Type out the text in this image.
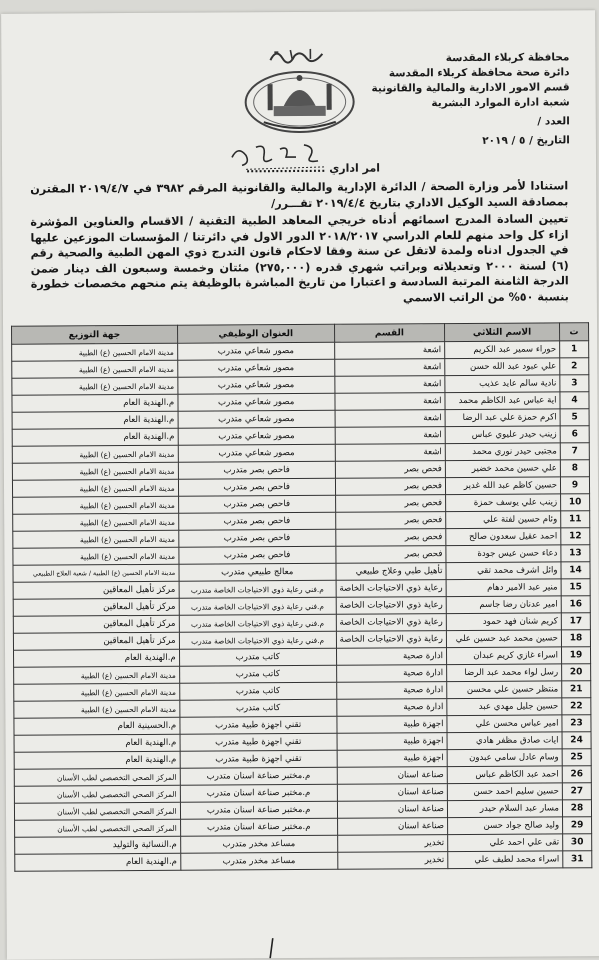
محافظة كربلاء المقدسة
دائرة صحة محافظة كربلاء المقدسة
قسم الامور الادارية والمالية والقانونية
شعبة ادارة الموارد البشرية
العدد /
التاريخ / ٥ / ٢٠١٩
امر اداري ...................

استنادا لأمر وزارة الصحة / الدائرة الإدارية والمالية والقانونية المرقم ٣٩٨٢ في ٢٠١٩/٤/٧ المقترن بمصادقة السيد الوكيل الاداري بتاريخ ٢٠١٩/٤/٤ تقـــرر/

تعيين السادة المدرج اسمائهم أدناه خريجي المعاهد الطبية التقنية / الاقسام والعناوين المؤشرة ازاء كل واحد منهم للعام الدراسي ٢٠١٨/٢٠١٧ الدور الاول في دائرتنا / المؤسسات الموزعين عليها في الجدول ادناه ولمدة لاتقل عن سنة وفقا لاحكام قانون التدرج ذوي المهن الطبية والصحية رقم (٦) لسنة ٢٠٠٠ وتعديلاته وبراتب شهري قدره (٢٧٥,٠٠٠) مئتان وخمسة وسبعون الف دينار ضمن الدرجة الثامنة المرتبة السادسة و اعتبارا من تاريخ المباشرة بالوظيفة يتم منحهم مخصصات خطورة بنسبة ٥٠% من الراتب الاسمي

ت	الاسم الثلاثي	القسم	العنوان الوظيفي	جهة التوزيع
1	حوراء سمير عبد الكريم	اشعة	مصور شعاعي متدرب	مدينة الامام الحسين (ع) الطبية
2	علي عبود عبد الله حسن	اشعة	مصور شعاعي متدرب	مدينة الامام الحسين (ع) الطبية
3	نادية سالم عايد عذيب	اشعة	مصور شعاعي متدرب	مدينة الامام الحسين (ع) الطبية
4	اية عباس عبد الكاظم محمد	اشعة	مصور شعاعي متدرب	م.الهندية العام
5	اكرم حمزة علي عبد الرضا	اشعة	مصور شعاعي متدرب	م.الهندية العام
6	زينب حيدر عليوي عباس	اشعة	مصور شعاعي متدرب	م.الهندية العام
7	مجتبى حيدر نوري محمد	اشعة	مصور شعاعي متدرب	مدينة الامام الحسين (ع) الطبية
8	علي حسين محمد خضير	فحص بصر	فاحص بصر متدرب	مدينة الامام الحسين (ع) الطبية
9	حسين كاظم عبد الله غدير	فحص بصر	فاحص بصر متدرب	مدينة الامام الحسين (ع) الطبية
10	زينب علي يوسف حمزة	فحص بصر	فاحص بصر متدرب	مدينة الامام الحسين (ع) الطبية
11	وئام حسين لفتة علي	فحص بصر	فاحص بصر متدرب	مدينة الامام الحسين (ع) الطبية
12	احمد عقيل سعدون صالح	فحص بصر	فاحص بصر متدرب	مدينة الامام الحسين (ع) الطبية
13	دعاء حسن عيس جودة	فحص بصر	فاحص بصر متدرب	مدينة الامام الحسين (ع) الطبية
14	وائل اشرف محمد تقي	تأهيل طبي وعلاج طبيعي	معالج طبيعي متدرب	مدينة الامام الحسين (ع) الطبية / شعبة العلاج الطبيعي
15	منير عبد الامير دهام	رعاية ذوي الاحتياجات الخاصة	م.فني رعاية ذوي الاحتياجات الخاصة متدرب	مركز تأهيل المعاقين
16	امير عدنان رضا جاسم	رعاية ذوي الاحتياجات الخاصة	م.فني رعاية ذوي الاحتياجات الخاصة متدرب	مركز تأهيل المعاقين
17	كريم شنان فهد حمود	رعاية ذوي الاحتياجات الخاصة	م.فني رعاية ذوي الاحتياجات الخاصة متدرب	مركز تأهيل المعاقين
18	حسين محمد عبد حسين علي	رعاية ذوي الاحتياجات الخاصة	م.فني رعاية ذوي الاحتياجات الخاصة متدرب	مركز تأهيل المعاقين
19	اسراء غازي كريم عبدان	ادارة صحية	كاتب متدرب	م.الهندية العام
20	رسل لواء محمد عبد الرضا	ادارة صحية	كاتب متدرب	مدينة الامام الحسين (ع) الطبية
21	منتظر حسين علي محسن	ادارة صحية	كاتب متدرب	مدينة الامام الحسين (ع) الطبية
22	حسين جليل مهدي عبد	ادارة صحية	كاتب متدرب	مدينة الامام الحسين (ع) الطبية
23	امير عباس محسن علي	اجهزة طبية	تقني اجهزة طبية متدرب	م.الحسينية العام
24	ايات صادق مظفر هادي	اجهزة طبية	تقني اجهزة طبية متدرب	م.الهندية العام
25	وسام عادل سامي عبدون	اجهزة طبية	تقني اجهزة طبية متدرب	م.الهندية العام
26	احمد عبد الكاظم عباس	صناعة اسنان	م.مختبر صناعة اسنان متدرب	المركز الصحي التخصصي لطب الأسنان
27	حسين سليم احمد حسن	صناعة اسنان	م.مختبر صناعة اسنان متدرب	المركز الصحي التخصصي لطب الأسنان
28	مسار عبد السلام حيدر	صناعة اسنان	م.مختبر صناعة اسنان متدرب	المركز الصحي التخصصي لطب الأسنان
29	وليد صالح جواد حسن	صناعة اسنان	م.مختبر صناعة اسنان متدرب	المركز الصحي التخصصي لطب الأسنان
30	تقى علي احمد علي	تخدير	مساعد مخدر متدرب	م.النسائية والتوليد
31	اسراء محمد لطيف علي	تخدير	مساعد مخدر متدرب	م.الهندية العام
